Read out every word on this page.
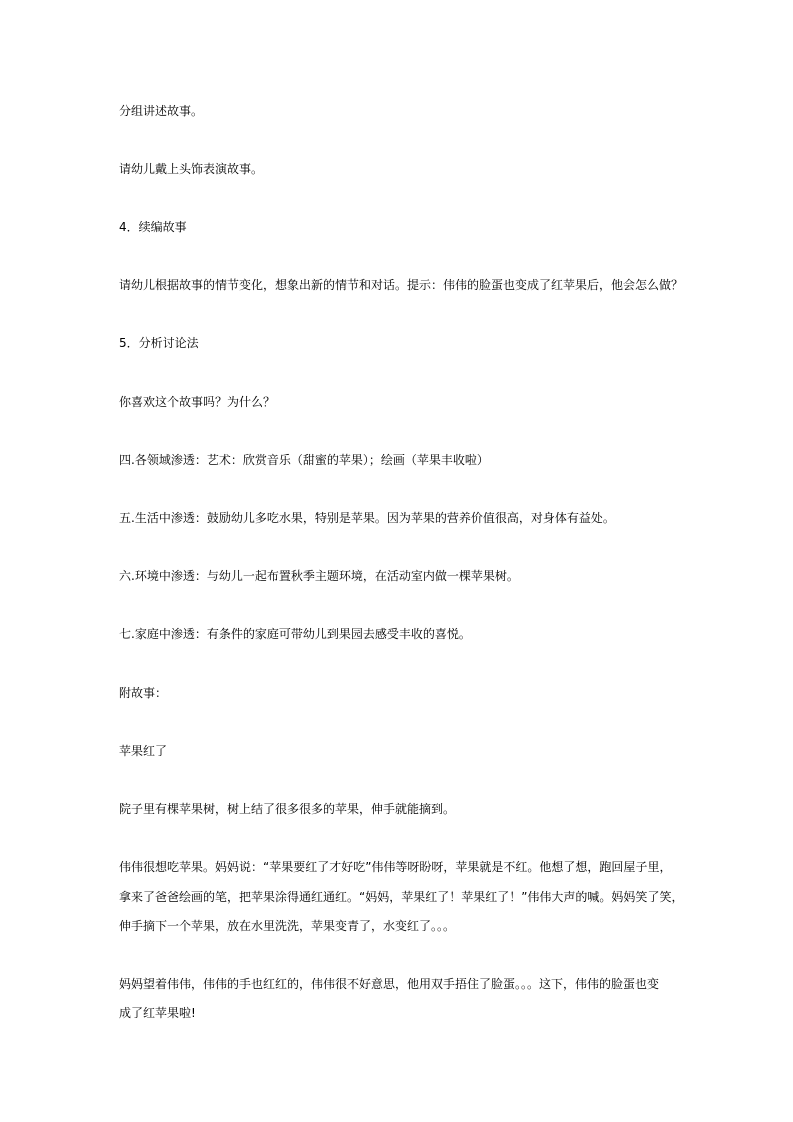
分组讲述故事。
请幼儿戴上头饰表演故事。
4．续编故事
请幼儿根据故事的情节变化，想象出新的情节和对话。提示：伟伟的脸蛋也变成了红苹果后，他会怎么做？
5．分析讨论法
你喜欢这个故事吗？为什么？
四.各领域渗透：艺术：欣赏音乐（甜蜜的苹果）；绘画（苹果丰收啦）
五.生活中渗透：鼓励幼儿多吃水果，特别是苹果。因为苹果的营养价值很高，对身体有益处。
六.环境中渗透：与幼儿一起布置秋季主题环境，在活动室内做一棵苹果树。
七.家庭中渗透：有条件的家庭可带幼儿到果园去感受丰收的喜悦。
附故事：
苹果红了
院子里有棵苹果树，树上结了很多很多的苹果，伸手就能摘到。
伟伟很想吃苹果。妈妈说：“苹果要红了才好吃”伟伟等呀盼呀，苹果就是不红。他想了想，跑回屋子里，
拿来了爸爸绘画的笔，把苹果涂得通红通红。“妈妈，苹果红了！苹果红了！”伟伟大声的喊。妈妈笑了笑，
伸手摘下一个苹果，放在水里洗洗，苹果变青了，水变红了。。。
妈妈望着伟伟，伟伟的手也红红的，伟伟很不好意思，他用双手捂住了脸蛋。。。这下，伟伟的脸蛋也变
成了红苹果啦!
